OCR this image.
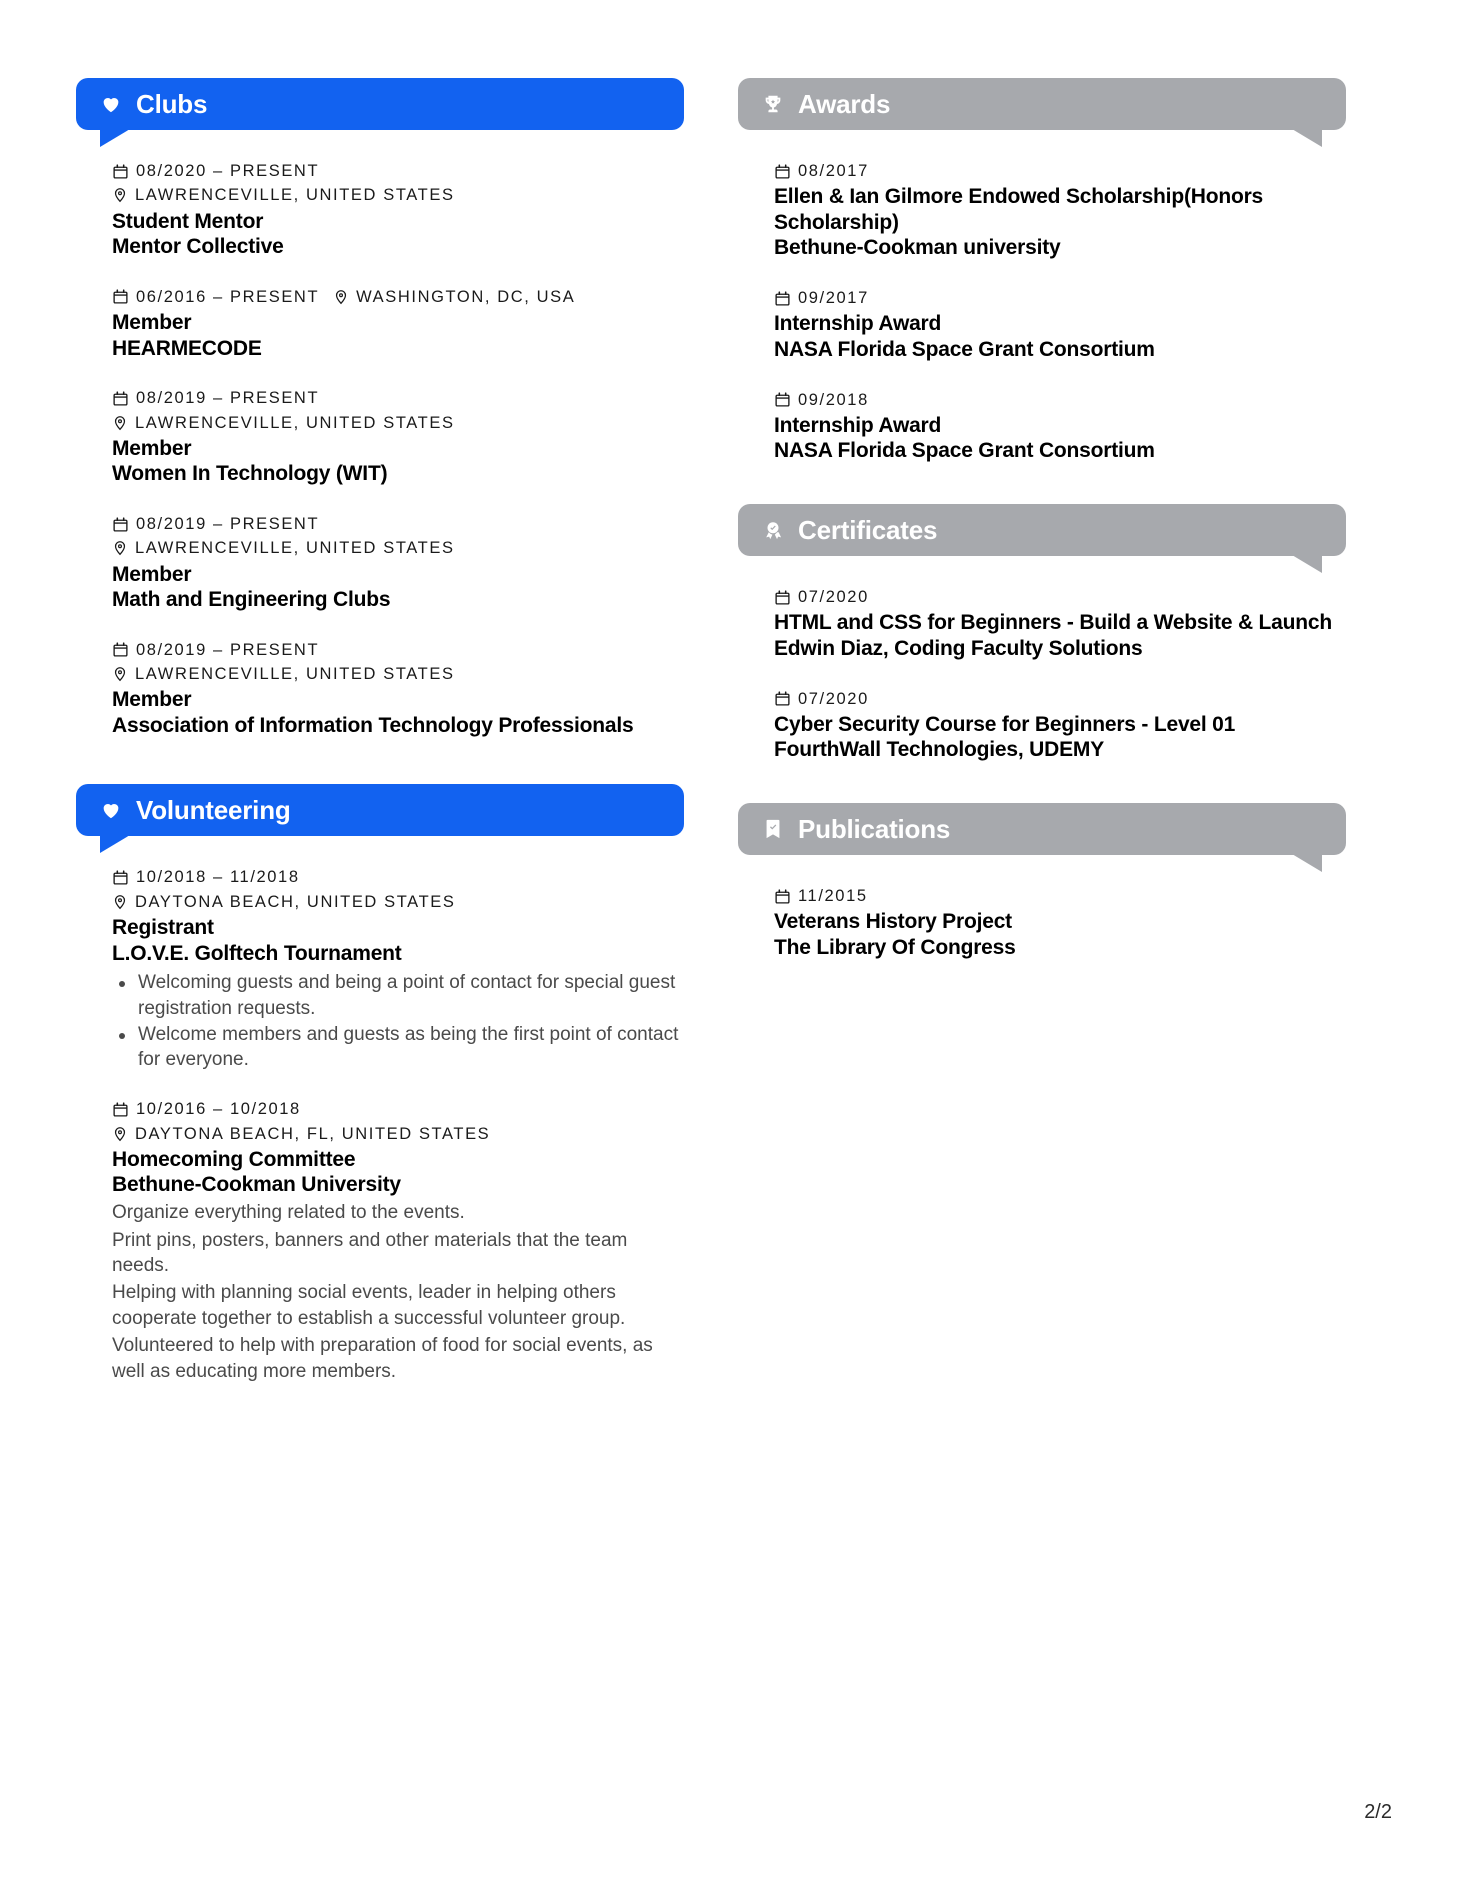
Clubs
08/2020 – PRESENT
LAWRENCEVILLE, UNITED STATES
Student Mentor
Mentor Collective
06/2016 – PRESENT WASHINGTON, DC, USA
Member
HEARMECODE
08/2019 – PRESENT
LAWRENCEVILLE, UNITED STATES
Member
Women In Technology (WIT)
08/2019 – PRESENT
LAWRENCEVILLE, UNITED STATES
Member
Math and Engineering Clubs
08/2019 – PRESENT
LAWRENCEVILLE, UNITED STATES
Member
Association of Information Technology Professionals
Volunteering
10/2018 – 11/2018
DAYTONA BEACH, UNITED STATES
Registrant
L.O.V.E. Golftech Tournament
Welcoming guests and being a point of contact for special guest registration requests.
Welcome members and guests as being the first point of contact for everyone.
10/2016 – 10/2018
DAYTONA BEACH, FL, UNITED STATES
Homecoming Committee
Bethune-Cookman University
Organize everything related to the events.
Print pins, posters, banners and other materials that the team needs.
Helping with planning social events, leader in helping others cooperate together to establish a successful volunteer group.
Volunteered to help with preparation of food for social events, as well as educating more members.
Awards
08/2017
Ellen & Ian Gilmore Endowed Scholarship(Honors Scholarship)
Bethune-Cookman university
09/2017
Internship Award
NASA Florida Space Grant Consortium
09/2018
Internship Award
NASA Florida Space Grant Consortium
Certificates
07/2020
HTML and CSS for Beginners - Build a Website & Launch
Edwin Diaz, Coding Faculty Solutions
07/2020
Cyber Security Course for Beginners - Level 01
FourthWall Technologies, UDEMY
Publications
11/2015
Veterans History Project
The Library Of Congress
2/2
